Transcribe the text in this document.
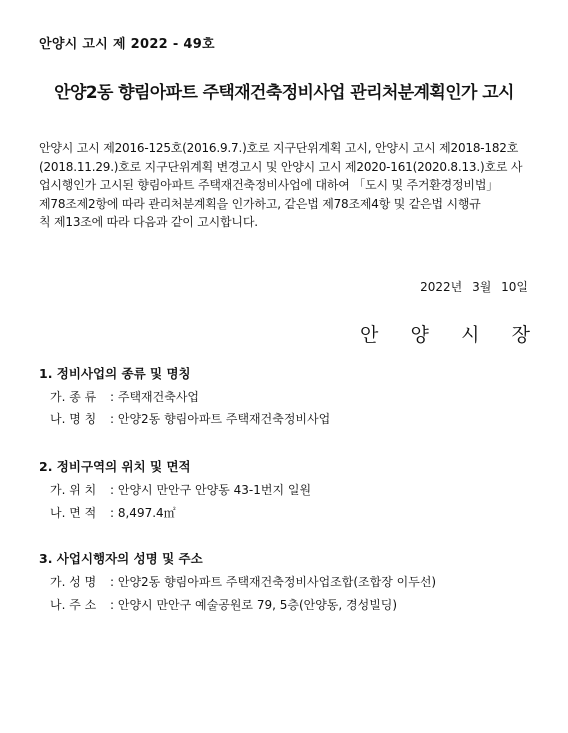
안양시 고시 제 2022 - 49호
안양2동 향림아파트 주택재건축정비사업 관리처분계획인가 고시
안양시 고시 제2016-125호(2016.9.7.)호로 지구단위계획 고시, 안양시 고시 제2018-182호
(2018.11.29.)호로 지구단위계획 변경고시 및 안양시 고시 제2020-161(2020.8.13.)호로 사
업시행인가 고시된 향림아파트 주택재건축정비사업에 대하여 「도시 및 주거환경정비법」
제78조제2항에 따라 관리처분계획을 인가하고, 같은법 제78조제4항 및 같은법 시행규
칙 제13조에 따라 다음과 같이 고시합니다.
2022년 3월 10일
안 양 시 장
1. 정비사업의 종류 및 명칭
가. 종 류 : 주택재건축사업
나. 명 칭 : 안양2동 향림아파트 주택재건축정비사업
2. 정비구역의 위치 및 면적
가. 위 치 : 안양시 만안구 안양동 43-1번지 일원
나. 면 적 : 8,497.4㎡
3. 사업시행자의 성명 및 주소
가. 성 명 : 안양2동 향림아파트 주택재건축정비사업조합(조합장 이두선)
나. 주 소 : 안양시 만안구 예술공원로 79, 5층(안양동, 경성빌딩)
